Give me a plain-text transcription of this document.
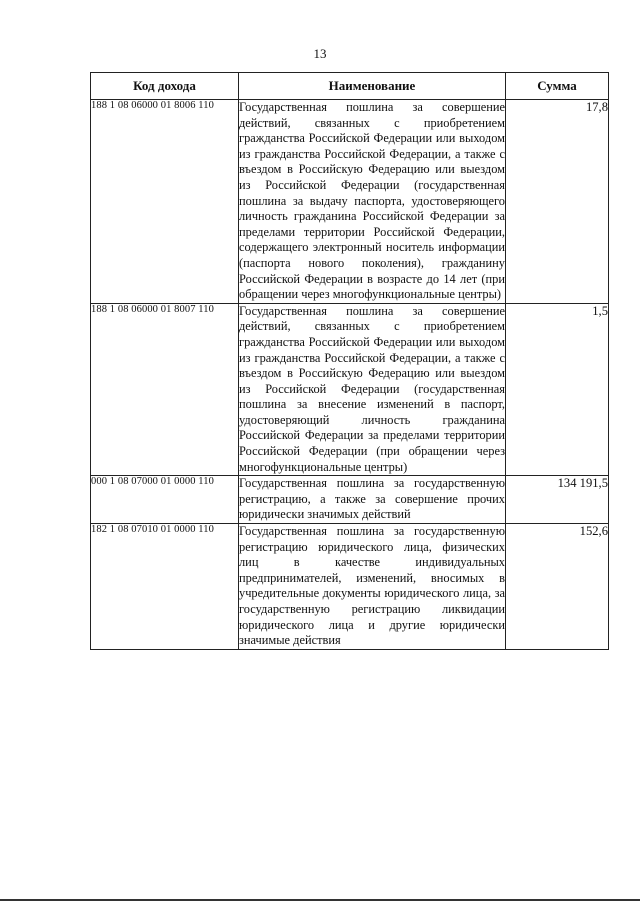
13
Код дохода	Наименование	Сумма
188 1 08 06000 01 8006 110	Государственная пошлина за совершение действий, связанных с приобретением гражданства Российской Федерации или выходом из гражданства Российской Федерации, а также с въездом в Российскую Федерацию или выездом из Российской Федерации (государственная пошлина за выдачу паспорта, удостоверяющего личность гражданина Российской Федерации за пределами территории Российской Федерации, содержащего электронный носитель информации (паспорта нового поколения), гражданину Российской Федерации в возрасте до 14 лет (при обращении через многофункциональные центры)	17,8
188 1 08 06000 01 8007 110	Государственная пошлина за совершение действий, связанных с приобретением гражданства Российской Федерации или выходом из гражданства Российской Федерации, а также с въездом в Российскую Федерацию или выездом из Российской Федерации (государственная пошлина за внесение изменений в паспорт, удостоверяющий личность гражданина Российской Федерации за пределами территории Российской Федерации (при обращении через многофункциональные центры)	1,5
000 1 08 07000 01 0000 110	Государственная пошлина за государственную регистрацию, а также за совершение прочих юридически значимых действий	134 191,5
182 1 08 07010 01 0000 110	Государственная пошлина за государственную регистрацию юридического лица, физических лиц в качестве индивидуальных предпринимателей, изменений, вносимых в учредительные документы юридического лица, за государственную регистрацию ликвидации юридического лица и другие юридически значимые действия	152,6
